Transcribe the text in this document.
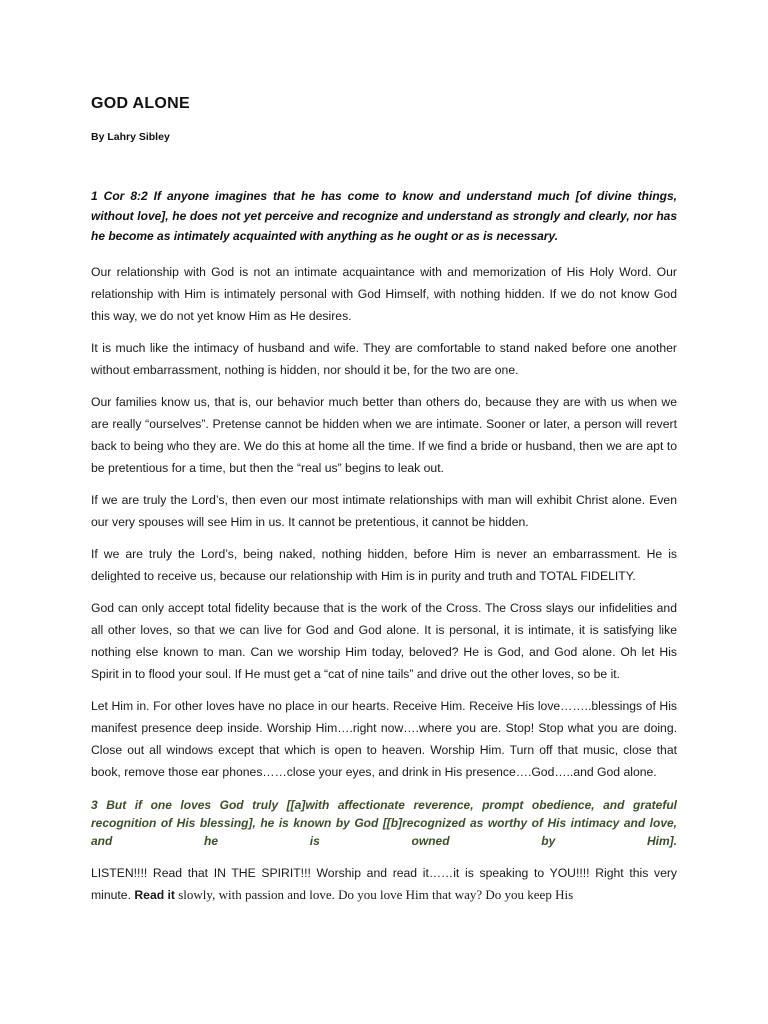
GOD ALONE
By Lahry Sibley

1 Cor 8:2 If anyone imagines that he has come to know and understand much [of divine things, without love], he does not yet perceive and recognize and understand as strongly and clearly, nor has he become as intimately acquainted with anything as he ought or as is necessary.

Our relationship with God is not an intimate acquaintance with and memorization of His Holy Word. Our relationship with Him is intimately personal with God Himself, with nothing hidden. If we do not know God this way, we do not yet know Him as He desires.

It is much like the intimacy of husband and wife. They are comfortable to stand naked before one another without embarrassment, nothing is hidden, nor should it be, for the two are one.

Our families know us, that is, our behavior much better than others do, because they are with us when we are really “ourselves”. Pretense cannot be hidden when we are intimate. Sooner or later, a person will revert back to being who they are. We do this at home all the time. If we find a bride or husband, then we are apt to be pretentious for a time, but then the “real us” begins to leak out.

If we are truly the Lord’s, then even our most intimate relationships with man will exhibit Christ alone. Even our very spouses will see Him in us. It cannot be pretentious, it cannot be hidden.

If we are truly the Lord’s, being naked, nothing hidden, before Him is never an embarrassment. He is delighted to receive us, because our relationship with Him is in purity and truth and TOTAL FIDELITY.

God can only accept total fidelity because that is the work of the Cross. The Cross slays our infidelities and all other loves, so that we can live for God and God alone. It is personal, it is intimate, it is satisfying like nothing else known to man. Can we worship Him today, beloved? He is God, and God alone. Oh let His Spirit in to flood your soul. If He must get a “cat of nine tails” and drive out the other loves, so be it.

Let Him in. For other loves have no place in our hearts. Receive Him. Receive His love……..blessings of His manifest presence deep inside. Worship Him….right now….where you are. Stop! Stop what you are doing. Close out all windows except that which is open to heaven. Worship Him. Turn off that music, close that book, remove those ear phones……close your eyes, and drink in His presence….God…..and God alone.

3 But if one loves God truly [[a]with affectionate reverence, prompt obedience, and grateful recognition of His blessing], he is known by God [[b]recognized as worthy of His intimacy and love, and he is owned by Him].

LISTEN!!!! Read that IN THE SPIRIT!!! Worship and read it……it is speaking to YOU!!!! Right this very minute. Read it slowly, with passion and love. Do you love Him that way? Do you keep His
